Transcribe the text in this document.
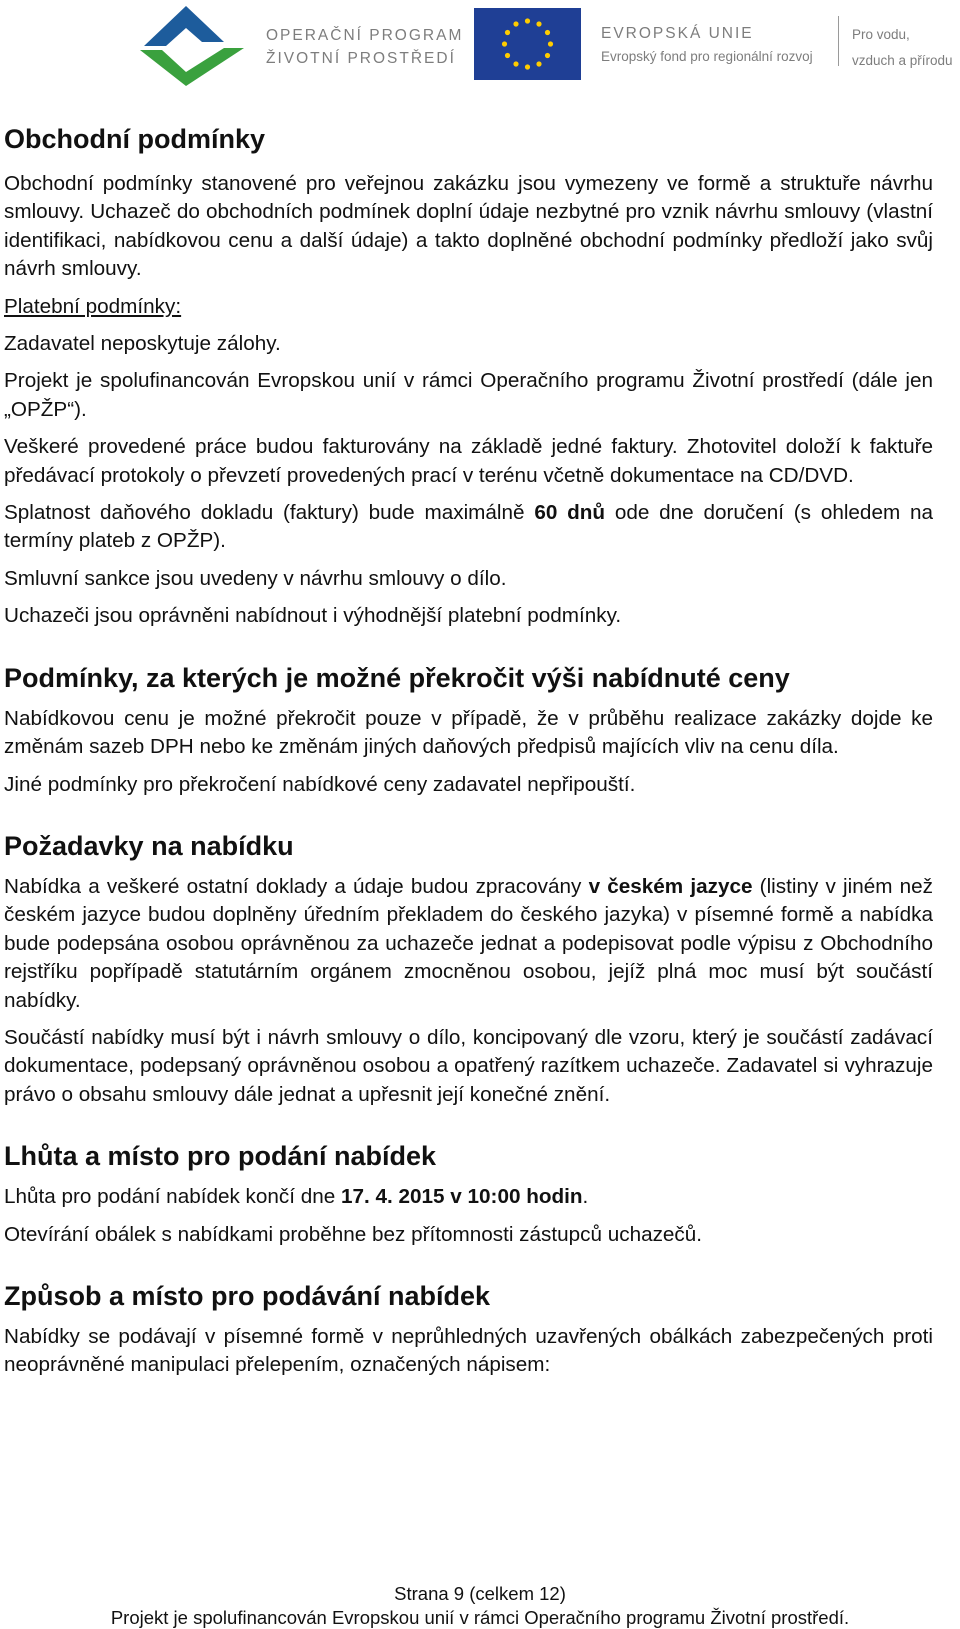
OPERAČNÍ PROGRAM
ŽIVOTNÍ PROSTŘEDÍ
EVROPSKÁ UNIE
Evropský fond pro regionální rozvoj
Pro vodu,
vzduch a přírodu
Obchodní podmínky

Obchodní podmínky stanovené pro veřejnou zakázku jsou vymezeny ve formě a struktuře návrhu smlouvy. Uchazeč do obchodních podmínek doplní údaje nezbytné pro vznik návrhu smlouvy (vlastní identifikaci, nabídkovou cenu a další údaje) a takto doplněné obchodní podmínky předloží jako svůj návrh smlouvy.

Platební podmínky:

Zadavatel neposkytuje zálohy.

Projekt je spolufinancován Evropskou unií v rámci Operačního programu Životní prostředí (dále jen „OPŽP“).

Veškeré provedené práce budou fakturovány na základě jedné faktury. Zhotovitel doloží k faktuře předávací protokoly o převzetí provedených prací v terénu včetně dokumentace na CD/DVD.

Splatnost daňového dokladu (faktury) bude maximálně 60 dnů ode dne doručení (s ohledem na termíny plateb z OPŽP).

Smluvní sankce jsou uvedeny v návrhu smlouvy o dílo.

Uchazeči jsou oprávněni nabídnout i výhodnější platební podmínky.

Podmínky, za kterých je možné překročit výši nabídnuté ceny

Nabídkovou cenu je možné překročit pouze v případě, že v průběhu realizace zakázky dojde ke změnám sazeb DPH nebo ke změnám jiných daňových předpisů majících vliv na cenu díla.

Jiné podmínky pro překročení nabídkové ceny zadavatel nepřipouští.

Požadavky na nabídku

Nabídka a veškeré ostatní doklady a údaje budou zpracovány v českém jazyce (listiny v jiném než českém jazyce budou doplněny úředním překladem do českého jazyka) v písemné formě a nabídka bude podepsána osobou oprávněnou za uchazeče jednat a podepisovat podle výpisu z Obchodního rejstříku popřípadě statutárním orgánem zmocněnou osobou, jejíž plná moc musí být součástí nabídky.

Součástí nabídky musí být i návrh smlouvy o dílo, koncipovaný dle vzoru, který je součástí zadávací dokumentace, podepsaný oprávněnou osobou a opatřený razítkem uchazeče. Zadavatel si vyhrazuje právo o obsahu smlouvy dále jednat a upřesnit její konečné znění.

Lhůta a místo pro podání nabídek

Lhůta pro podání nabídek končí dne 17. 4. 2015 v 10:00 hodin.

Otevírání obálek s nabídkami proběhne bez přítomnosti zástupců uchazečů.

Způsob a místo pro podávání nabídek

Nabídky se podávají v písemné formě v neprůhledných uzavřených obálkách zabezpečených proti neoprávněné manipulaci přelepením, označených nápisem:

Strana 9 (celkem 12)
Projekt je spolufinancován Evropskou unií v rámci Operačního programu Životní prostředí.
